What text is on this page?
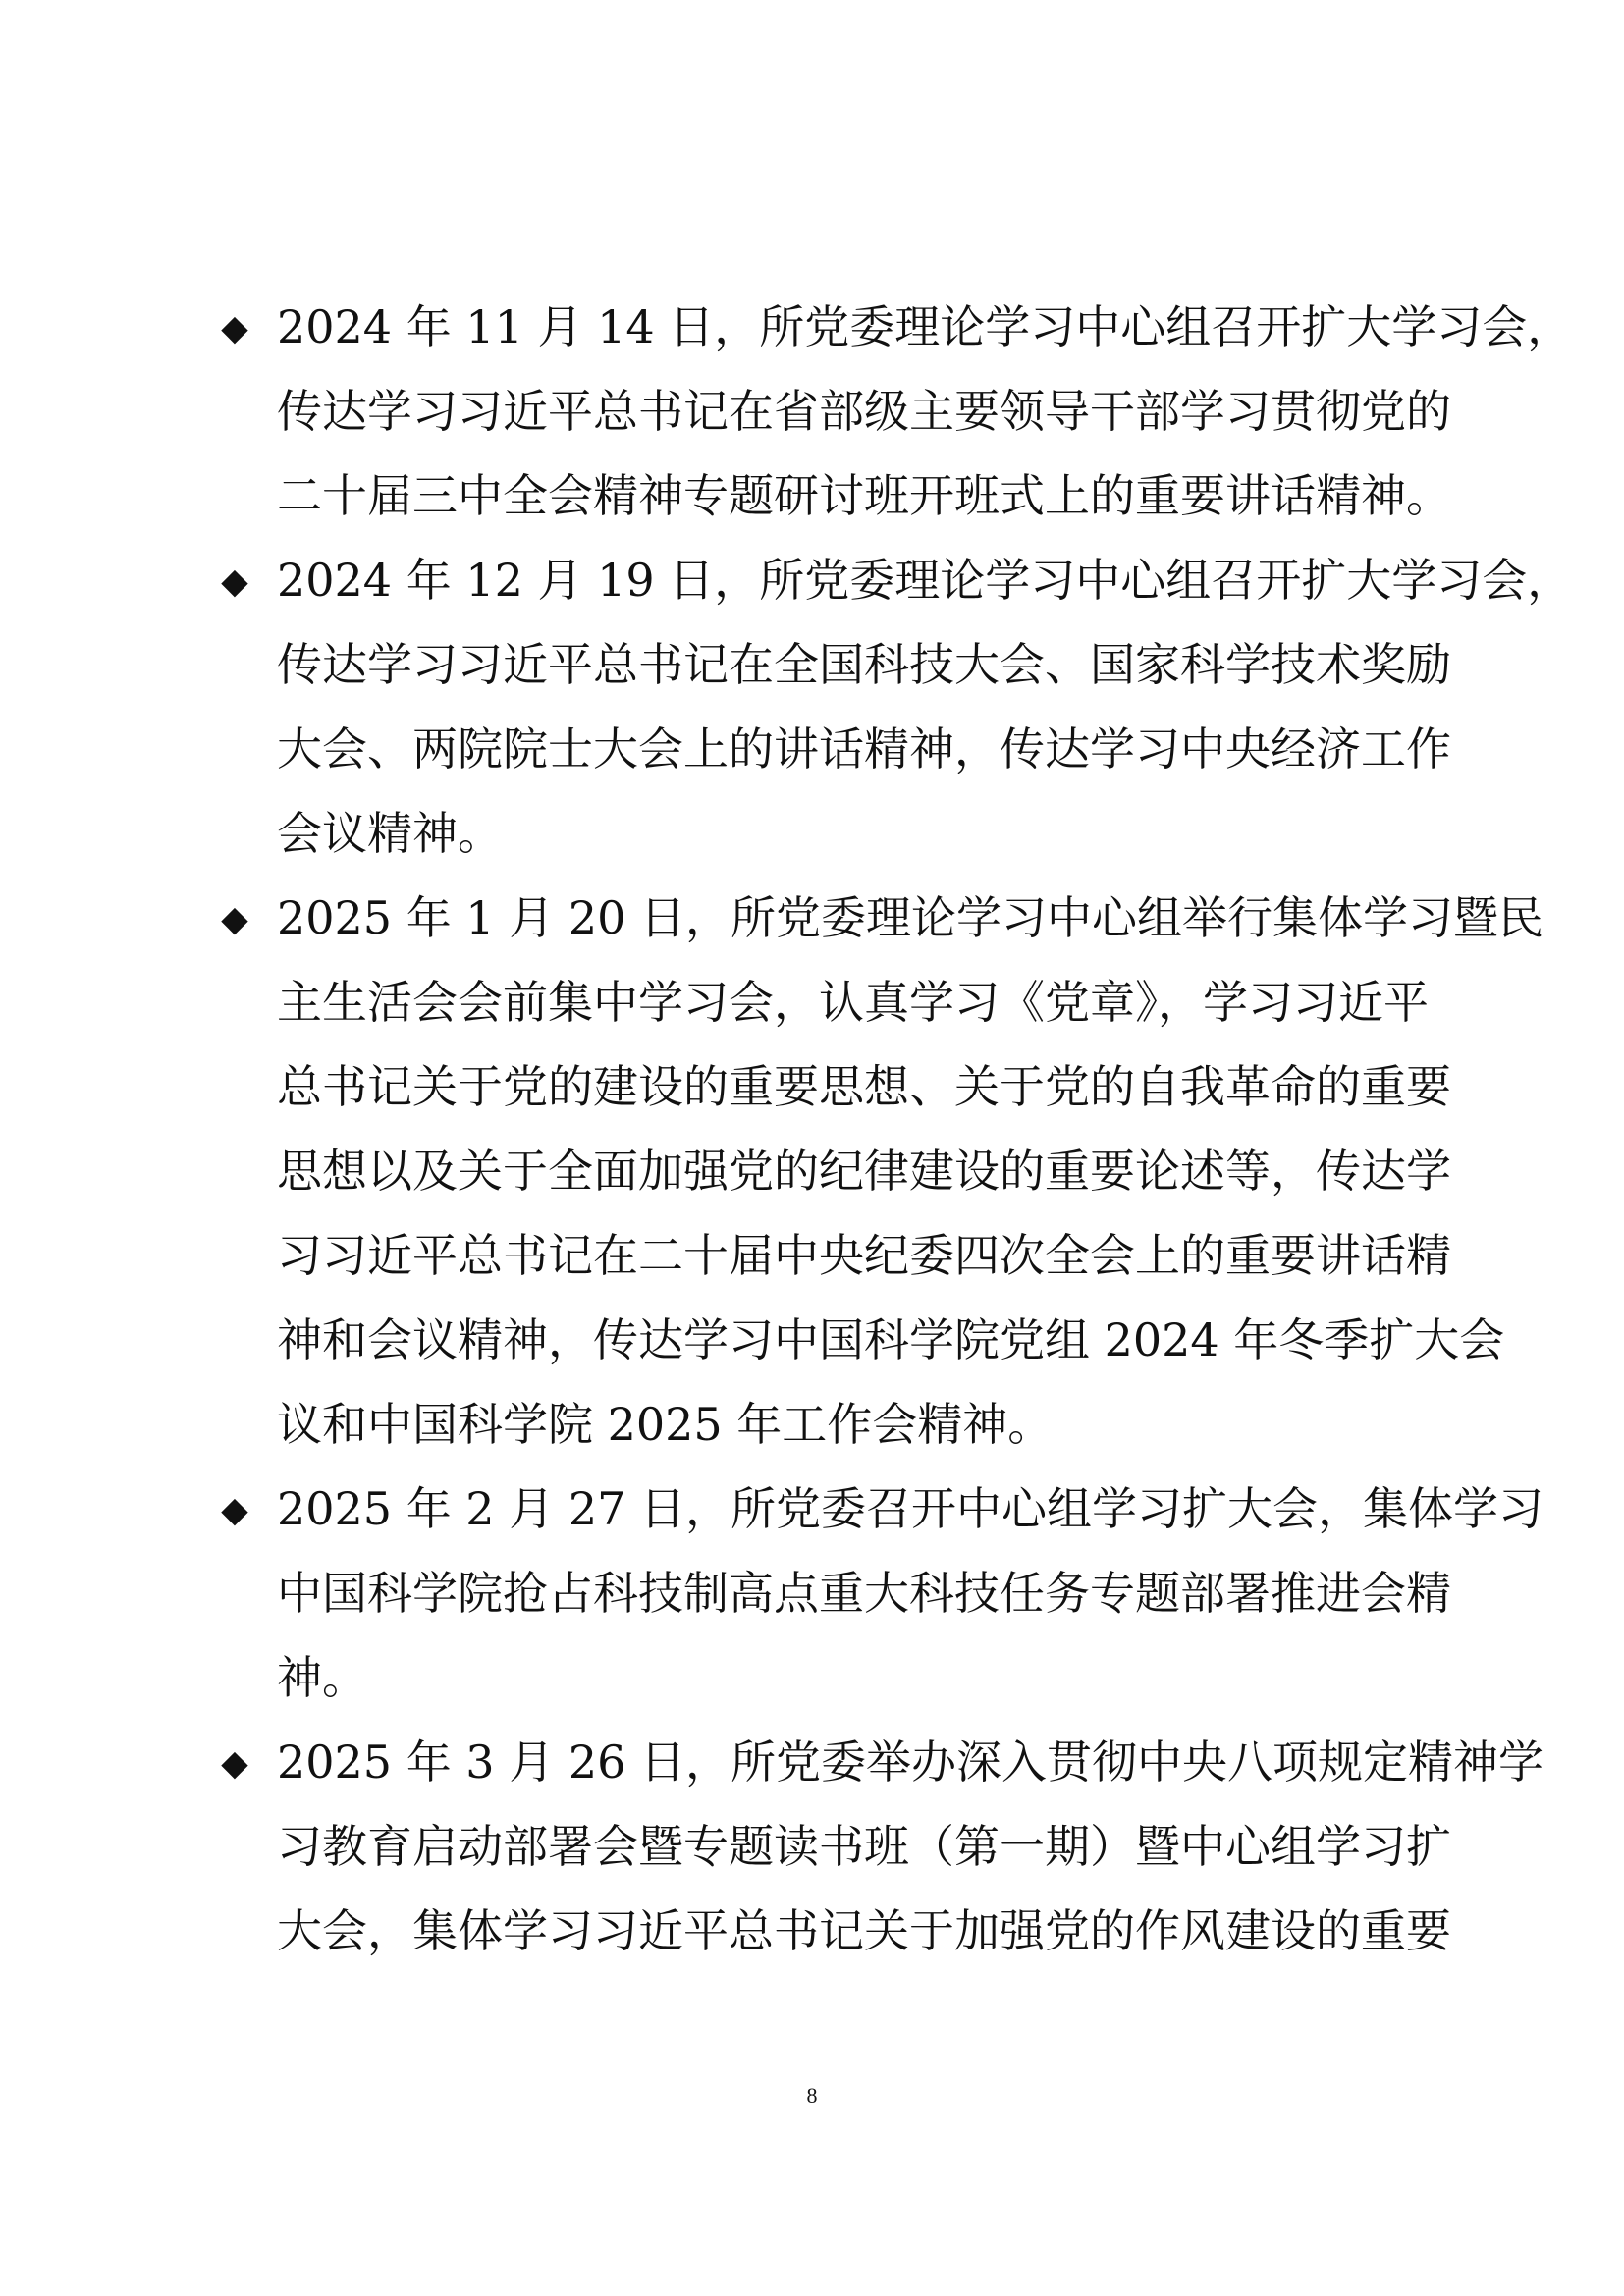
◆ 2024 年 11 月 14 日，所党委理论学习中心组召开扩大学习会，
传达学习习近平总书记在省部级主要领导干部学习贯彻党的
二十届三中全会精神专题研讨班开班式上的重要讲话精神。
◆ 2024 年 12 月 19 日，所党委理论学习中心组召开扩大学习会，
传达学习习近平总书记在全国科技大会、国家科学技术奖励
大会、两院院士大会上的讲话精神，传达学习中央经济工作
会议精神。
◆ 2025 年 1 月 20 日，所党委理论学习中心组举行集体学习暨民
主生活会会前集中学习会，认真学习《党章》，学习习近平
总书记关于党的建设的重要思想、关于党的自我革命的重要
思想以及关于全面加强党的纪律建设的重要论述等，传达学
习习近平总书记在二十届中央纪委四次全会上的重要讲话精
神和会议精神，传达学习中国科学院党组 2024 年冬季扩大会
议和中国科学院 2025 年工作会精神。
◆ 2025 年 2 月 27 日，所党委召开中心组学习扩大会，集体学习
中国科学院抢占科技制高点重大科技任务专题部署推进会精
神。
◆ 2025 年 3 月 26 日，所党委举办深入贯彻中央八项规定精神学
习教育启动部署会暨专题读书班（第一期）暨中心组学习扩
大会，集体学习习近平总书记关于加强党的作风建设的重要
8
